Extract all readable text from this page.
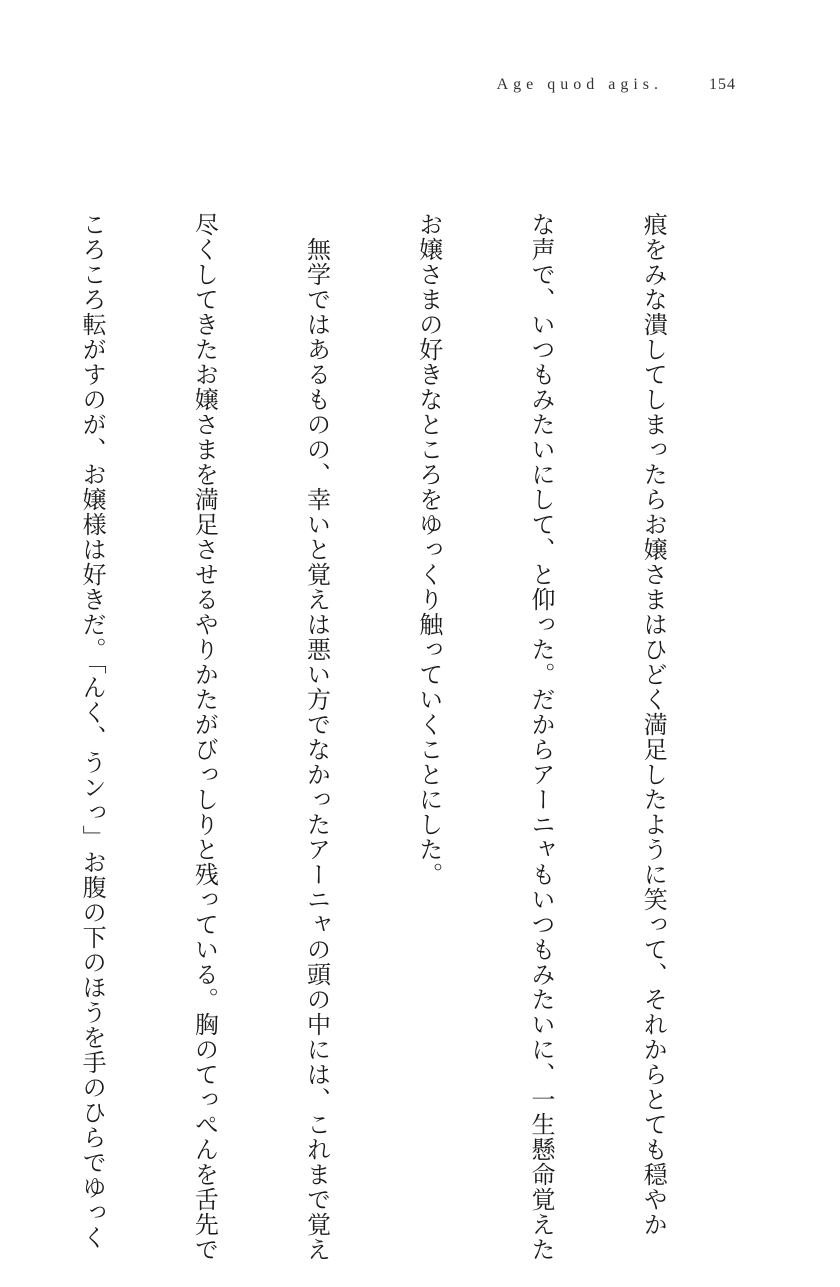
Age quod agis.	154

痕をみな潰してしまったらお嬢さまはひどく満足したように笑って、それからとても穏やか

な声で、いつもみたいにして、と仰った。だからアーニャもいつもみたいに、一生懸命覚えた

お嬢さまの好きなところをゆっくり触っていくことにした。

　無学ではあるものの、幸いと覚えは悪い方でなかったアーニャの頭の中には、これまで覚え

尽くしてきたお嬢さまを満足させるやりかたがびっしりと残っている。胸のてっぺんを舌先で

ころころ転がすのが、お嬢様は好きだ。「んく、うンっ」お腹の下のほうを手のひらでゆっく
